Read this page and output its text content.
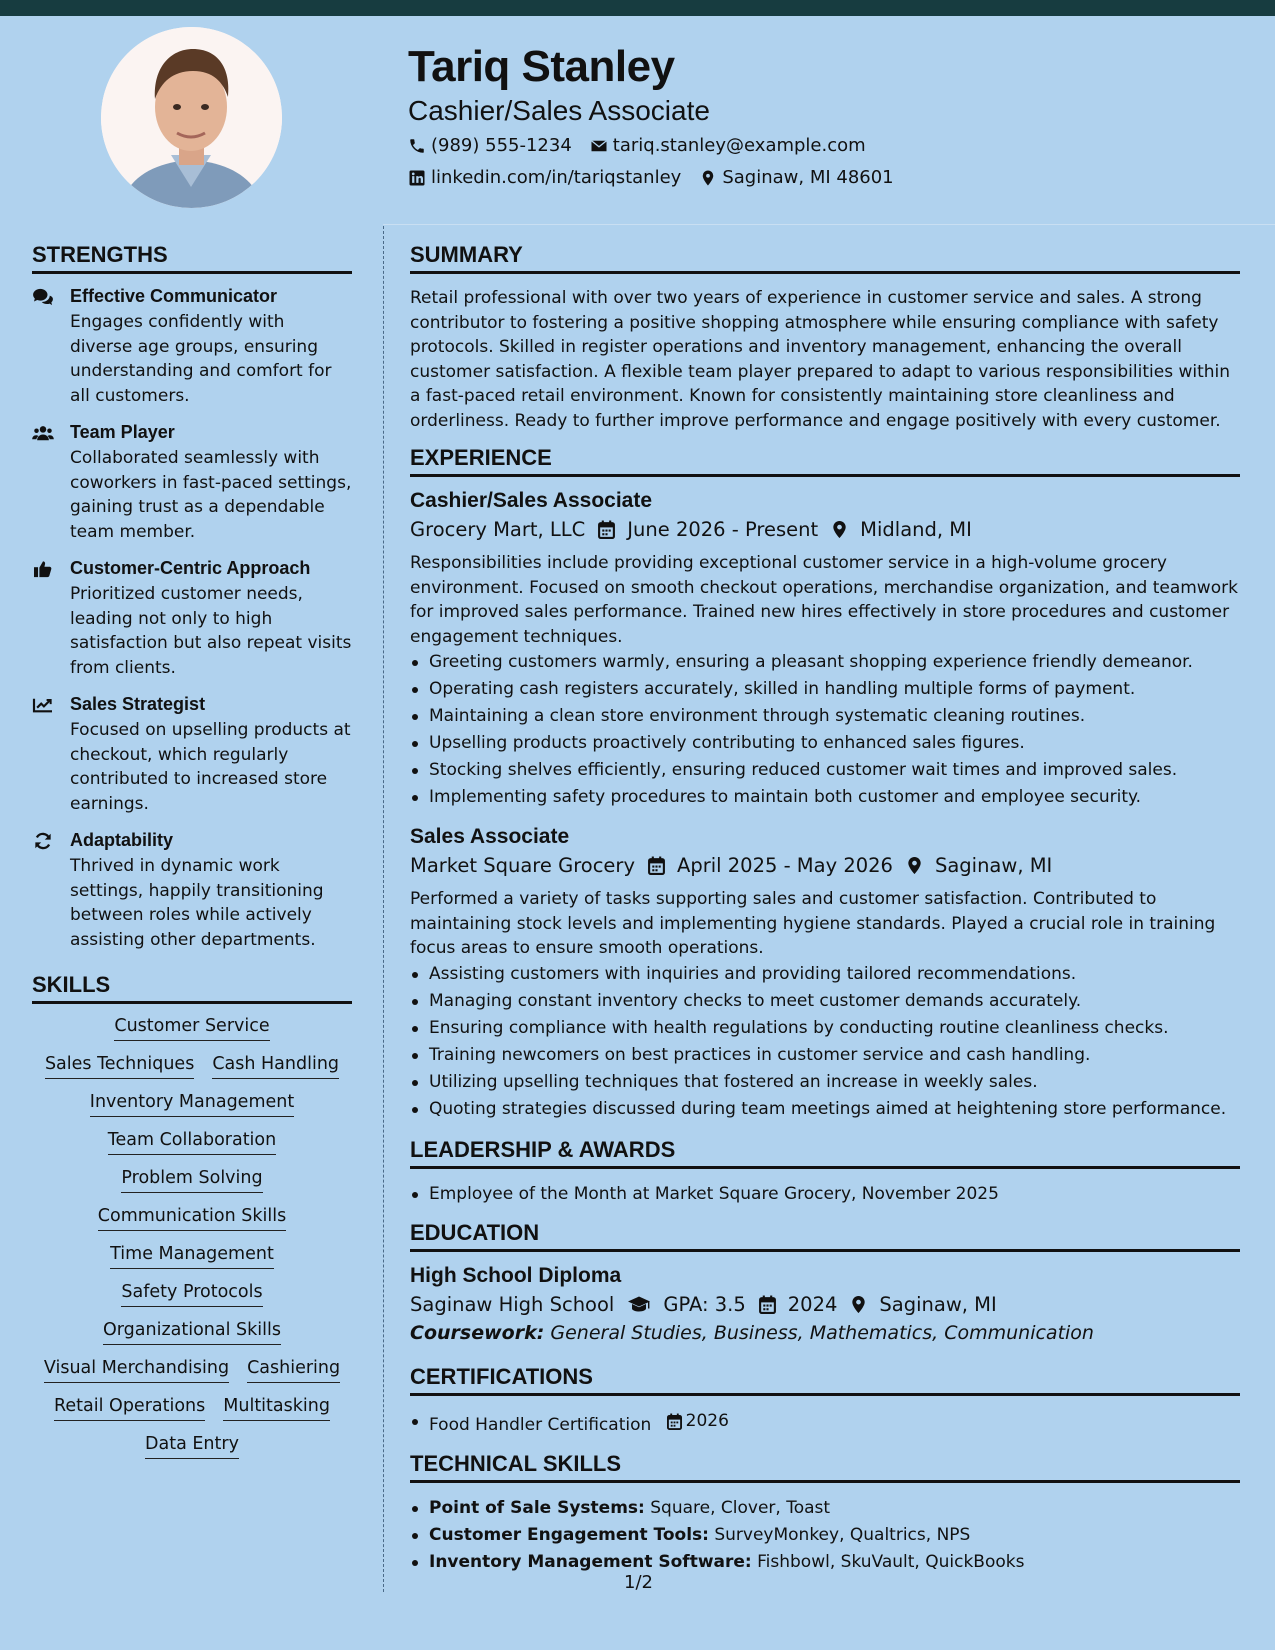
Tariq Stanley
Cashier/Sales Associate
(989) 555-1234 tariq.stanley@example.com
linkedin.com/in/tariqstanley Saginaw, MI 48601
STRENGTHS
Effective Communicator
Engages confidently with diverse age groups, ensuring understanding and comfort for all customers.
Team Player
Collaborated seamlessly with coworkers in fast-paced settings, gaining trust as a dependable team member.
Customer-Centric Approach
Prioritized customer needs, leading not only to high satisfaction but also repeat visits from clients.
Sales Strategist
Focused on upselling products at checkout, which regularly contributed to increased store earnings.
Adaptability
Thrived in dynamic work settings, happily transitioning between roles while actively assisting other departments.
SKILLS
Customer Service
Sales Techniques Cash Handling
Inventory Management
Team Collaboration
Problem Solving
Communication Skills
Time Management
Safety Protocols
Organizational Skills
Visual Merchandising Cashiering
Retail Operations Multitasking
Data Entry
SUMMARY
Retail professional with over two years of experience in customer service and sales. A strong contributor to fostering a positive shopping atmosphere while ensuring compliance with safety protocols. Skilled in register operations and inventory management, enhancing the overall customer satisfaction. A flexible team player prepared to adapt to various responsibilities within a fast-paced retail environment. Known for consistently maintaining store cleanliness and orderliness. Ready to further improve performance and engage positively with every customer.
EXPERIENCE
Cashier/Sales Associate
Grocery Mart, LLC June 2026 - Present Midland, MI
Responsibilities include providing exceptional customer service in a high-volume grocery environment. Focused on smooth checkout operations, merchandise organization, and teamwork for improved sales performance. Trained new hires effectively in store procedures and customer engagement techniques.
Greeting customers warmly, ensuring a pleasant shopping experience friendly demeanor.
Operating cash registers accurately, skilled in handling multiple forms of payment.
Maintaining a clean store environment through systematic cleaning routines.
Upselling products proactively contributing to enhanced sales figures.
Stocking shelves efficiently, ensuring reduced customer wait times and improved sales.
Implementing safety procedures to maintain both customer and employee security.
Sales Associate
Market Square Grocery April 2025 - May 2026 Saginaw, MI
Performed a variety of tasks supporting sales and customer satisfaction. Contributed to maintaining stock levels and implementing hygiene standards. Played a crucial role in training focus areas to ensure smooth operations.
Assisting customers with inquiries and providing tailored recommendations.
Managing constant inventory checks to meet customer demands accurately.
Ensuring compliance with health regulations by conducting routine cleanliness checks.
Training newcomers on best practices in customer service and cash handling.
Utilizing upselling techniques that fostered an increase in weekly sales.
Quoting strategies discussed during team meetings aimed at heightening store performance.
LEADERSHIP & AWARDS
Employee of the Month at Market Square Grocery, November 2025
EDUCATION
High School Diploma
Saginaw High School	GPA: 3.5 2024 Saginaw, MI
Coursework: General Studies, Business, Mathematics, Communication
CERTIFICATIONS
Food Handler Certification 2026
TECHNICAL SKILLS
Point of Sale Systems: Square, Clover, Toast
Customer Engagement Tools: SurveyMonkey, Qualtrics, NPS
Inventory Management Software: Fishbowl, SkuVault, QuickBooks
1/2
